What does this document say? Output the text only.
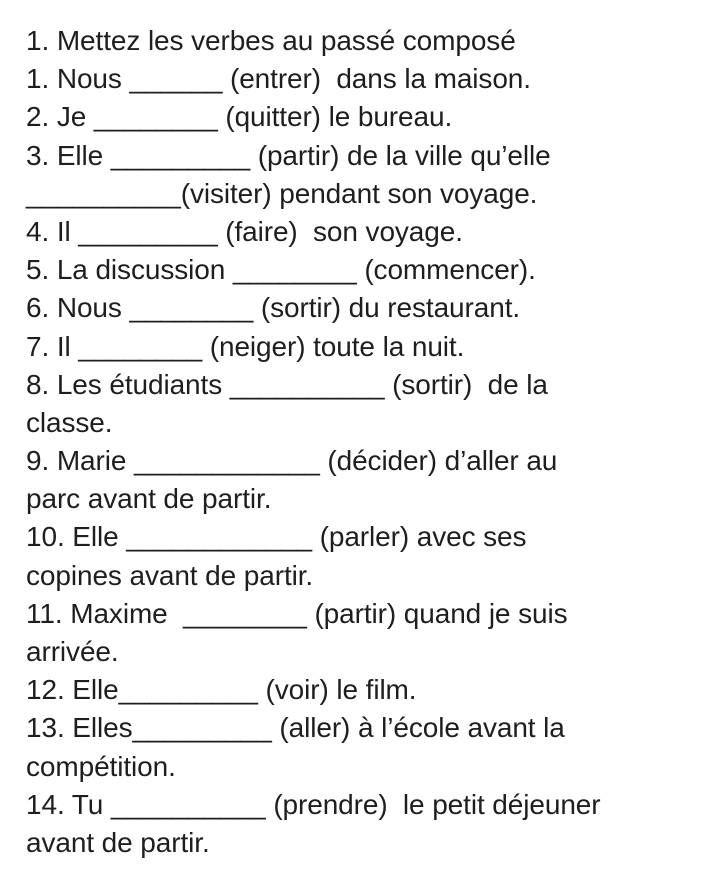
1. Mettez les verbes au passé composé
1. Nous ______ (entrer)  dans la maison.
2. Je ________ (quitter) le bureau.
3. Elle _________ (partir) de la ville qu’elle
__________(visiter) pendant son voyage.
4. Il _________ (faire)  son voyage.
5. La discussion ________ (commencer).
6. Nous ________ (sortir) du restaurant.
7. Il ________ (neiger) toute la nuit.
8. Les étudiants __________ (sortir)  de la
classe.
9. Marie ____________ (décider) d’aller au
parc avant de partir.
10. Elle ____________ (parler) avec ses
copines avant de partir.
11. Maxime  ________ (partir) quand je suis
arrivée.
12. Elle_________ (voir) le film.
13. Elles_________ (aller) à l’école avant la
compétition.
14. Tu __________ (prendre)  le petit déjeuner
avant de partir.
